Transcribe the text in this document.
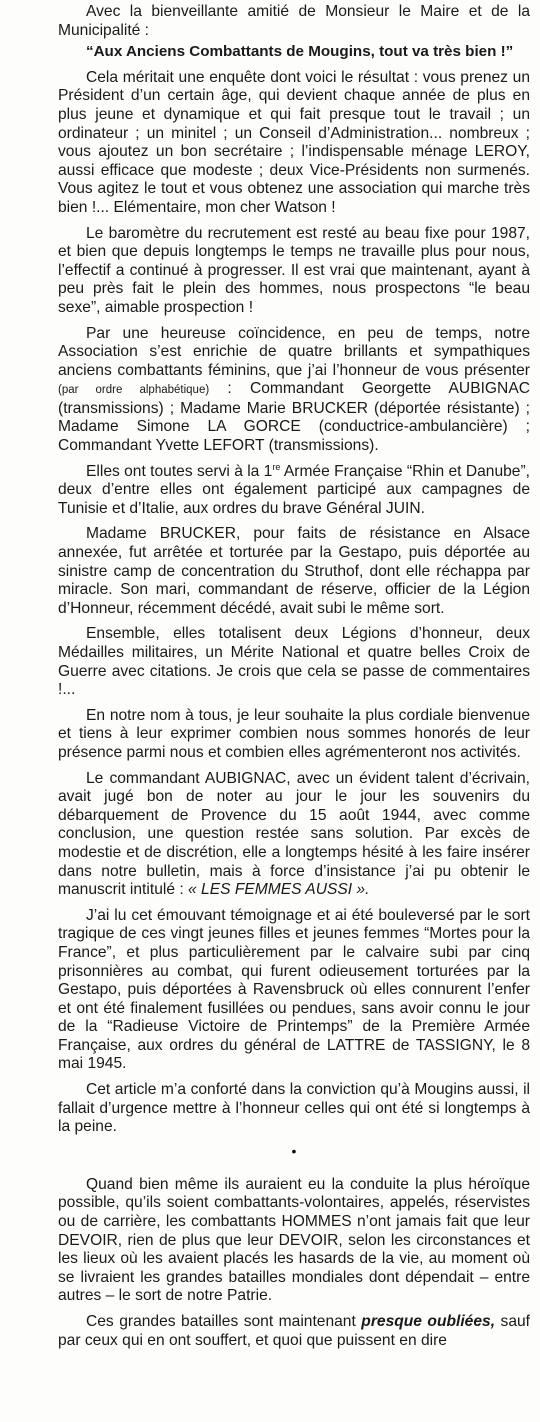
Avec la bienveillante amitié de Monsieur le Maire et de la Municipalité :

“Aux Anciens Combattants de Mougins, tout va très bien !”

Cela méritait une enquête dont voici le résultat : vous prenez un Président d’un certain âge, qui devient chaque année de plus en plus jeune et dynamique et qui fait presque tout le travail ; un ordinateur ; un minitel ; un Conseil d’Administration... nombreux ; vous ajoutez un bon secrétaire ; l’indispensable ménage LEROY, aussi efficace que modeste ; deux Vice-Présidents non surmenés. Vous agitez le tout et vous obtenez une association qui marche très bien !... Elémentaire, mon cher Watson !

Le baromètre du recrutement est resté au beau fixe pour 1987, et bien que depuis longtemps le temps ne travaille plus pour nous, l’effectif a continué à progresser. Il est vrai que maintenant, ayant à peu près fait le plein des hommes, nous prospectons “le beau sexe”, aimable prospection !

Par une heureuse coïncidence, en peu de temps, notre Association s’est enrichie de quatre brillants et sympathiques anciens combattants féminins, que j’ai l’honneur de vous présenter (par ordre alphabétique) : Commandant Georgette AUBIGNAC (transmissions) ; Madame Marie BRUCKER (déportée résistante) ; Madame Simone LA GORCE (conductrice-ambulancière) ; Commandant Yvette LEFORT (transmissions).

Elles ont toutes servi à la 1re Armée Française “Rhin et Danube”, deux d’entre elles ont également participé aux campagnes de Tunisie et d’Italie, aux ordres du brave Général JUIN.

Madame BRUCKER, pour faits de résistance en Alsace annexée, fut arrêtée et torturée par la Gestapo, puis déportée au sinistre camp de concentration du Struthof, dont elle réchappa par miracle. Son mari, commandant de réserve, officier de la Légion d’Honneur, récemment décédé, avait subi le même sort.

Ensemble, elles totalisent deux Légions d’honneur, deux Médailles militaires, un Mérite National et quatre belles Croix de Guerre avec citations. Je crois que cela se passe de commentaires !...

En notre nom à tous, je leur souhaite la plus cordiale bienvenue et tiens à leur exprimer combien nous sommes honorés de leur présence parmi nous et combien elles agrémenteront nos activités.

Le commandant AUBIGNAC, avec un évident talent d’écrivain, avait jugé bon de noter au jour le jour les souvenirs du débarquement de Provence du 15 août 1944, avec comme conclusion, une question restée sans solution. Par excès de modestie et de discrétion, elle a longtemps hésité à les faire insérer dans notre bulletin, mais à force d’insistance j’ai pu obtenir le manuscrit intitulé : « LES FEMMES AUSSI ».

J’ai lu cet émouvant témoignage et ai été bouleversé par le sort tragique de ces vingt jeunes filles et jeunes femmes “Mortes pour la France”, et plus particulièrement par le calvaire subi par cinq prisonnières au combat, qui furent odieusement torturées par la Gestapo, puis déportées à Ravensbruck où elles connurent l’enfer et ont été finalement fusillées ou pendues, sans avoir connu le jour de la “Radieuse Victoire de Printemps” de la Première Armée Française, aux ordres du général de LATTRE de TASSIGNY, le 8 mai 1945.

Cet article m’a conforté dans la conviction qu’à Mougins aussi, il fallait d’urgence mettre à l’honneur celles qui ont été si longtemps à la peine.

•

Quand bien même ils auraient eu la conduite la plus héroïque possible, qu’ils soient combattants-volontaires, appelés, réservistes ou de carrière, les combattants HOMMES n’ont jamais fait que leur DEVOIR, rien de plus que leur DEVOIR, selon les circonstances et les lieux où les avaient placés les hasards de la vie, au moment où se livraient les grandes batailles mondiales dont dépendait – entre autres – le sort de notre Patrie.

Ces grandes batailles sont maintenant presque oubliées, sauf par ceux qui en ont souffert, et quoi que puissent en dire
